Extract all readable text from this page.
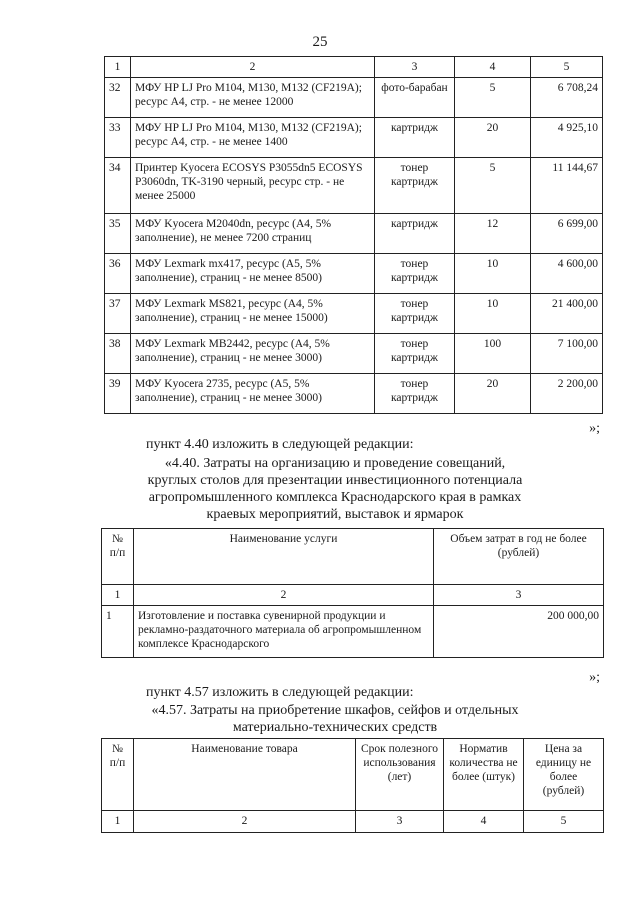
25
1	2	3	4	5
32	МФУ HP LJ Pro M104, M130, M132 (CF219A); ресурс А4, стр. - не менее 12000	фото-барабан	5	6 708,24
33	МФУ HP LJ Pro M104, M130, M132 (CF219A); ресурс А4, стр. - не менее 1400	картридж	20	4 925,10
34	Принтер Kyocera ECOSYS P3055dn5 ECOSYS P3060dn, TK-3190 черный, ресурс стр. - не менее 25000	тонер картридж	5	11 144,67
35	МФУ Kyocera M2040dn, ресурс (А4, 5% заполнение), не менее 7200 страниц	картридж	12	6 699,00
36	МФУ Lexmark mx417, ресурс (А5, 5% заполнение), страниц - не менее 8500)	тонер картридж	10	4 600,00
37	МФУ Lexmark MS821, ресурс (А4, 5% заполнение), страниц - не менее 15000)	тонер картридж	10	21 400,00
38	МФУ Lexmark MB2442, ресурс (А4, 5% заполнение), страниц - не менее 3000)	тонер картридж	100	7 100,00
39	МФУ Kyocera 2735, ресурс (А5, 5% заполнение), страниц - не менее 3000)	тонер картридж	20	2 200,00
»;
пункт 4.40 изложить в следующей редакции:
«4.40. Затраты на организацию и проведение совещаний,
круглых столов для презентации инвестиционного потенциала
агропромышленного комплекса Краснодарского края в рамках
краевых мероприятий, выставок и ярмарок
№ п/п	Наименование услуги	Объем затрат в год не более (рублей)
1	2	3
1	Изготовление и поставка сувенирной продукции и рекламно-раздаточного материала об агропромышленном комплексе Краснодарского	200 000,00
»;
пункт 4.57 изложить в следующей редакции:
«4.57. Затраты на приобретение шкафов, сейфов и отдельных
материально-технических средств
№ п/п	Наименование товара	Срок полезного использования (лет)	Норматив количества не более (штук)	Цена за единицу не более (рублей)
1	2	3	4	5
